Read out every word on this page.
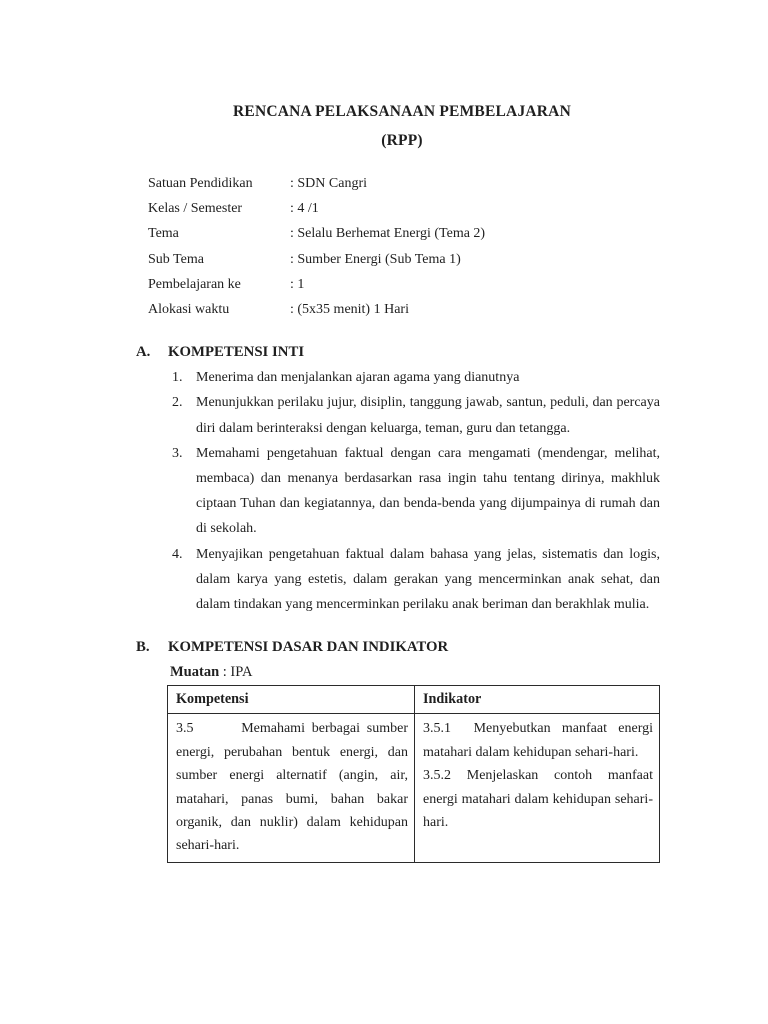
RENCANA PELAKSANAAN PEMBELAJARAN
(RPP)
Satuan Pendidikan	: SDN Cangri
Kelas / Semester	: 4 /1
Tema	: Selalu Berhemat Energi (Tema 2)
Sub Tema	: Sumber Energi (Sub Tema 1)
Pembelajaran ke	: 1
Alokasi waktu	: (5x35 menit) 1 Hari
A.	KOMPETENSI INTI
1. Menerima dan menjalankan ajaran agama yang dianutnya
2. Menunjukkan perilaku jujur, disiplin, tanggung jawab, santun, peduli, dan percaya diri dalam berinteraksi dengan keluarga, teman, guru dan tetangga.
3. Memahami pengetahuan faktual dengan cara mengamati (mendengar, melihat, membaca) dan menanya berdasarkan rasa ingin tahu tentang dirinya, makhluk ciptaan Tuhan dan kegiatannya, dan benda-benda yang dijumpainya di rumah dan di sekolah.
4. Menyajikan pengetahuan faktual dalam bahasa yang jelas, sistematis dan logis, dalam karya yang estetis, dalam gerakan yang mencerminkan anak sehat, dan dalam tindakan yang mencerminkan perilaku anak beriman dan berakhlak mulia.
B.	KOMPETENSI DASAR DAN INDIKATOR
Muatan : IPA
Kompetensi	Indikator

3.5       Memahami berbagai sumber energi, perubahan bentuk energi, dan sumber energi alternatif (angin, air, matahari, panas bumi, bahan bakar organik, dan nuklir) dalam kehidupan sehari-hari.	3.5.1  Menyebutkan manfaat energi matahari dalam kehidupan sehari-hari.

3.5.2 Menjelaskan contoh manfaat energi matahari dalam kehidupan sehari-hari.
